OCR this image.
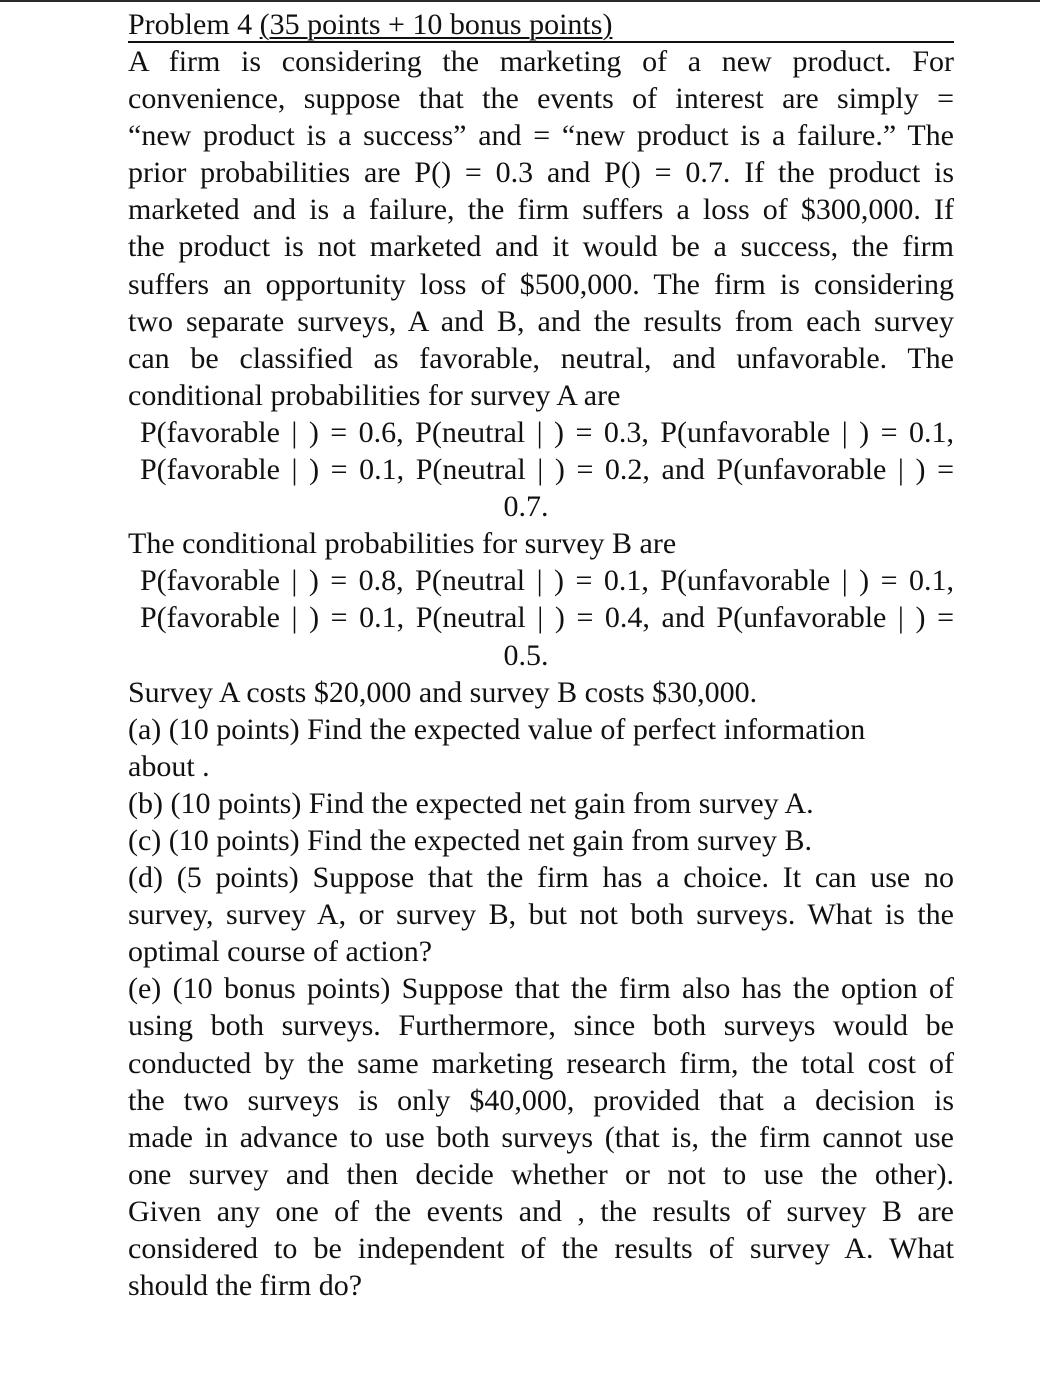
Problem 4 (35 points + 10 bonus points)
A firm is considering the marketing of a new product. For
convenience, suppose that the events of interest are simply =
“new product is a success” and = “new product is a failure.” The
prior probabilities are P() = 0.3 and P() = 0.7. If the product is
marketed and is a failure, the firm suffers a loss of $300,000. If
the product is not marketed and it would be a success, the firm
suffers an opportunity loss of $500,000. The firm is considering
two separate surveys, A and B, and the results from each survey
can be classified as favorable, neutral, and unfavorable. The
conditional probabilities for survey A are
P(favorable | ) = 0.6, P(neutral | ) = 0.3, P(unfavorable | ) = 0.1,
P(favorable | ) = 0.1, P(neutral | ) = 0.2, and P(unfavorable | ) =
0.7.
The conditional probabilities for survey B are
P(favorable | ) = 0.8, P(neutral | ) = 0.1, P(unfavorable | ) = 0.1,
P(favorable | ) = 0.1, P(neutral | ) = 0.4, and P(unfavorable | ) =
0.5.
Survey A costs $20,000 and survey B costs $30,000.
(a) (10 points) Find the expected value of perfect information
about .
(b) (10 points) Find the expected net gain from survey A.
(c) (10 points) Find the expected net gain from survey B.
(d) (5 points) Suppose that the firm has a choice. It can use no
survey, survey A, or survey B, but not both surveys. What is the
optimal course of action?
(e) (10 bonus points) Suppose that the firm also has the option of
using both surveys. Furthermore, since both surveys would be
conducted by the same marketing research firm, the total cost of
the two surveys is only $40,000, provided that a decision is
made in advance to use both surveys (that is, the firm cannot use
one survey and then decide whether or not to use the other).
Given any one of the events and , the results of survey B are
considered to be independent of the results of survey A. What
should the firm do?
